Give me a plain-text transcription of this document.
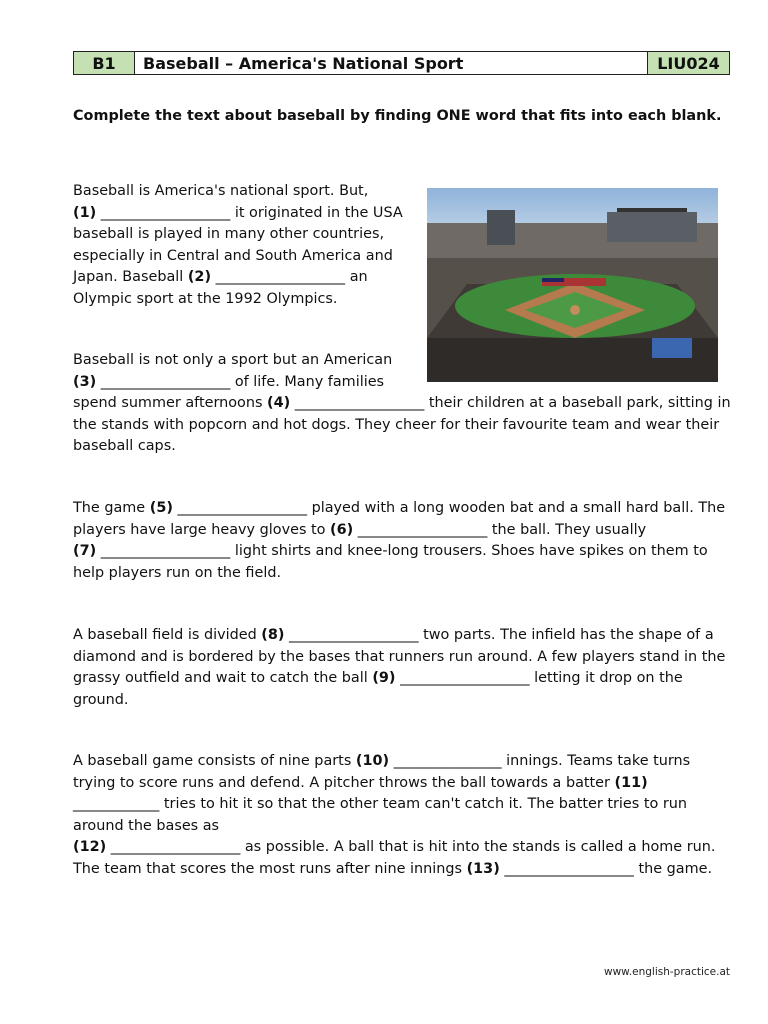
B1	Baseball – America's National Sport	LIU024
Complete the text about baseball by finding ONE word that fits into each blank.
Baseball is America's national sport. But,
(1) __________________ it originated in the USA baseball is played in many other countries, especially in Central and South America and Japan. Baseball (2) __________________ an Olympic sport at the 1992 Olympics.
Baseball is not only a sport but an American
(3) __________________ of life. Many families
spend summer afternoons (4) __________________ their children at a baseball park, sitting in the stands with popcorn and hot dogs. They cheer for their favourite team and wear their baseball caps.
The game (5) __________________ played with a long wooden bat and a small hard ball. The players have large heavy gloves to (6) __________________ the ball. They usually
(7) __________________ light shirts and knee-long trousers. Shoes have spikes on them to help players run on the field.
A baseball field is divided (8) __________________ two parts. The infield has the shape of a diamond and is bordered by the bases that runners run around. A few players stand in the grassy outfield and wait to catch the ball (9) __________________ letting it drop on the ground.
A baseball game consists of nine parts (10) _______________ innings. Teams take turns trying to score runs and defend. A pitcher throws the ball towards a batter (11) ____________ tries to hit it so that the other team can't catch it. The batter tries to run around the bases as
(12) __________________ as possible. A ball that is hit into the stands is called a home run. The team that scores the most runs after nine innings (13) __________________ the game.
www.english-practice.at
